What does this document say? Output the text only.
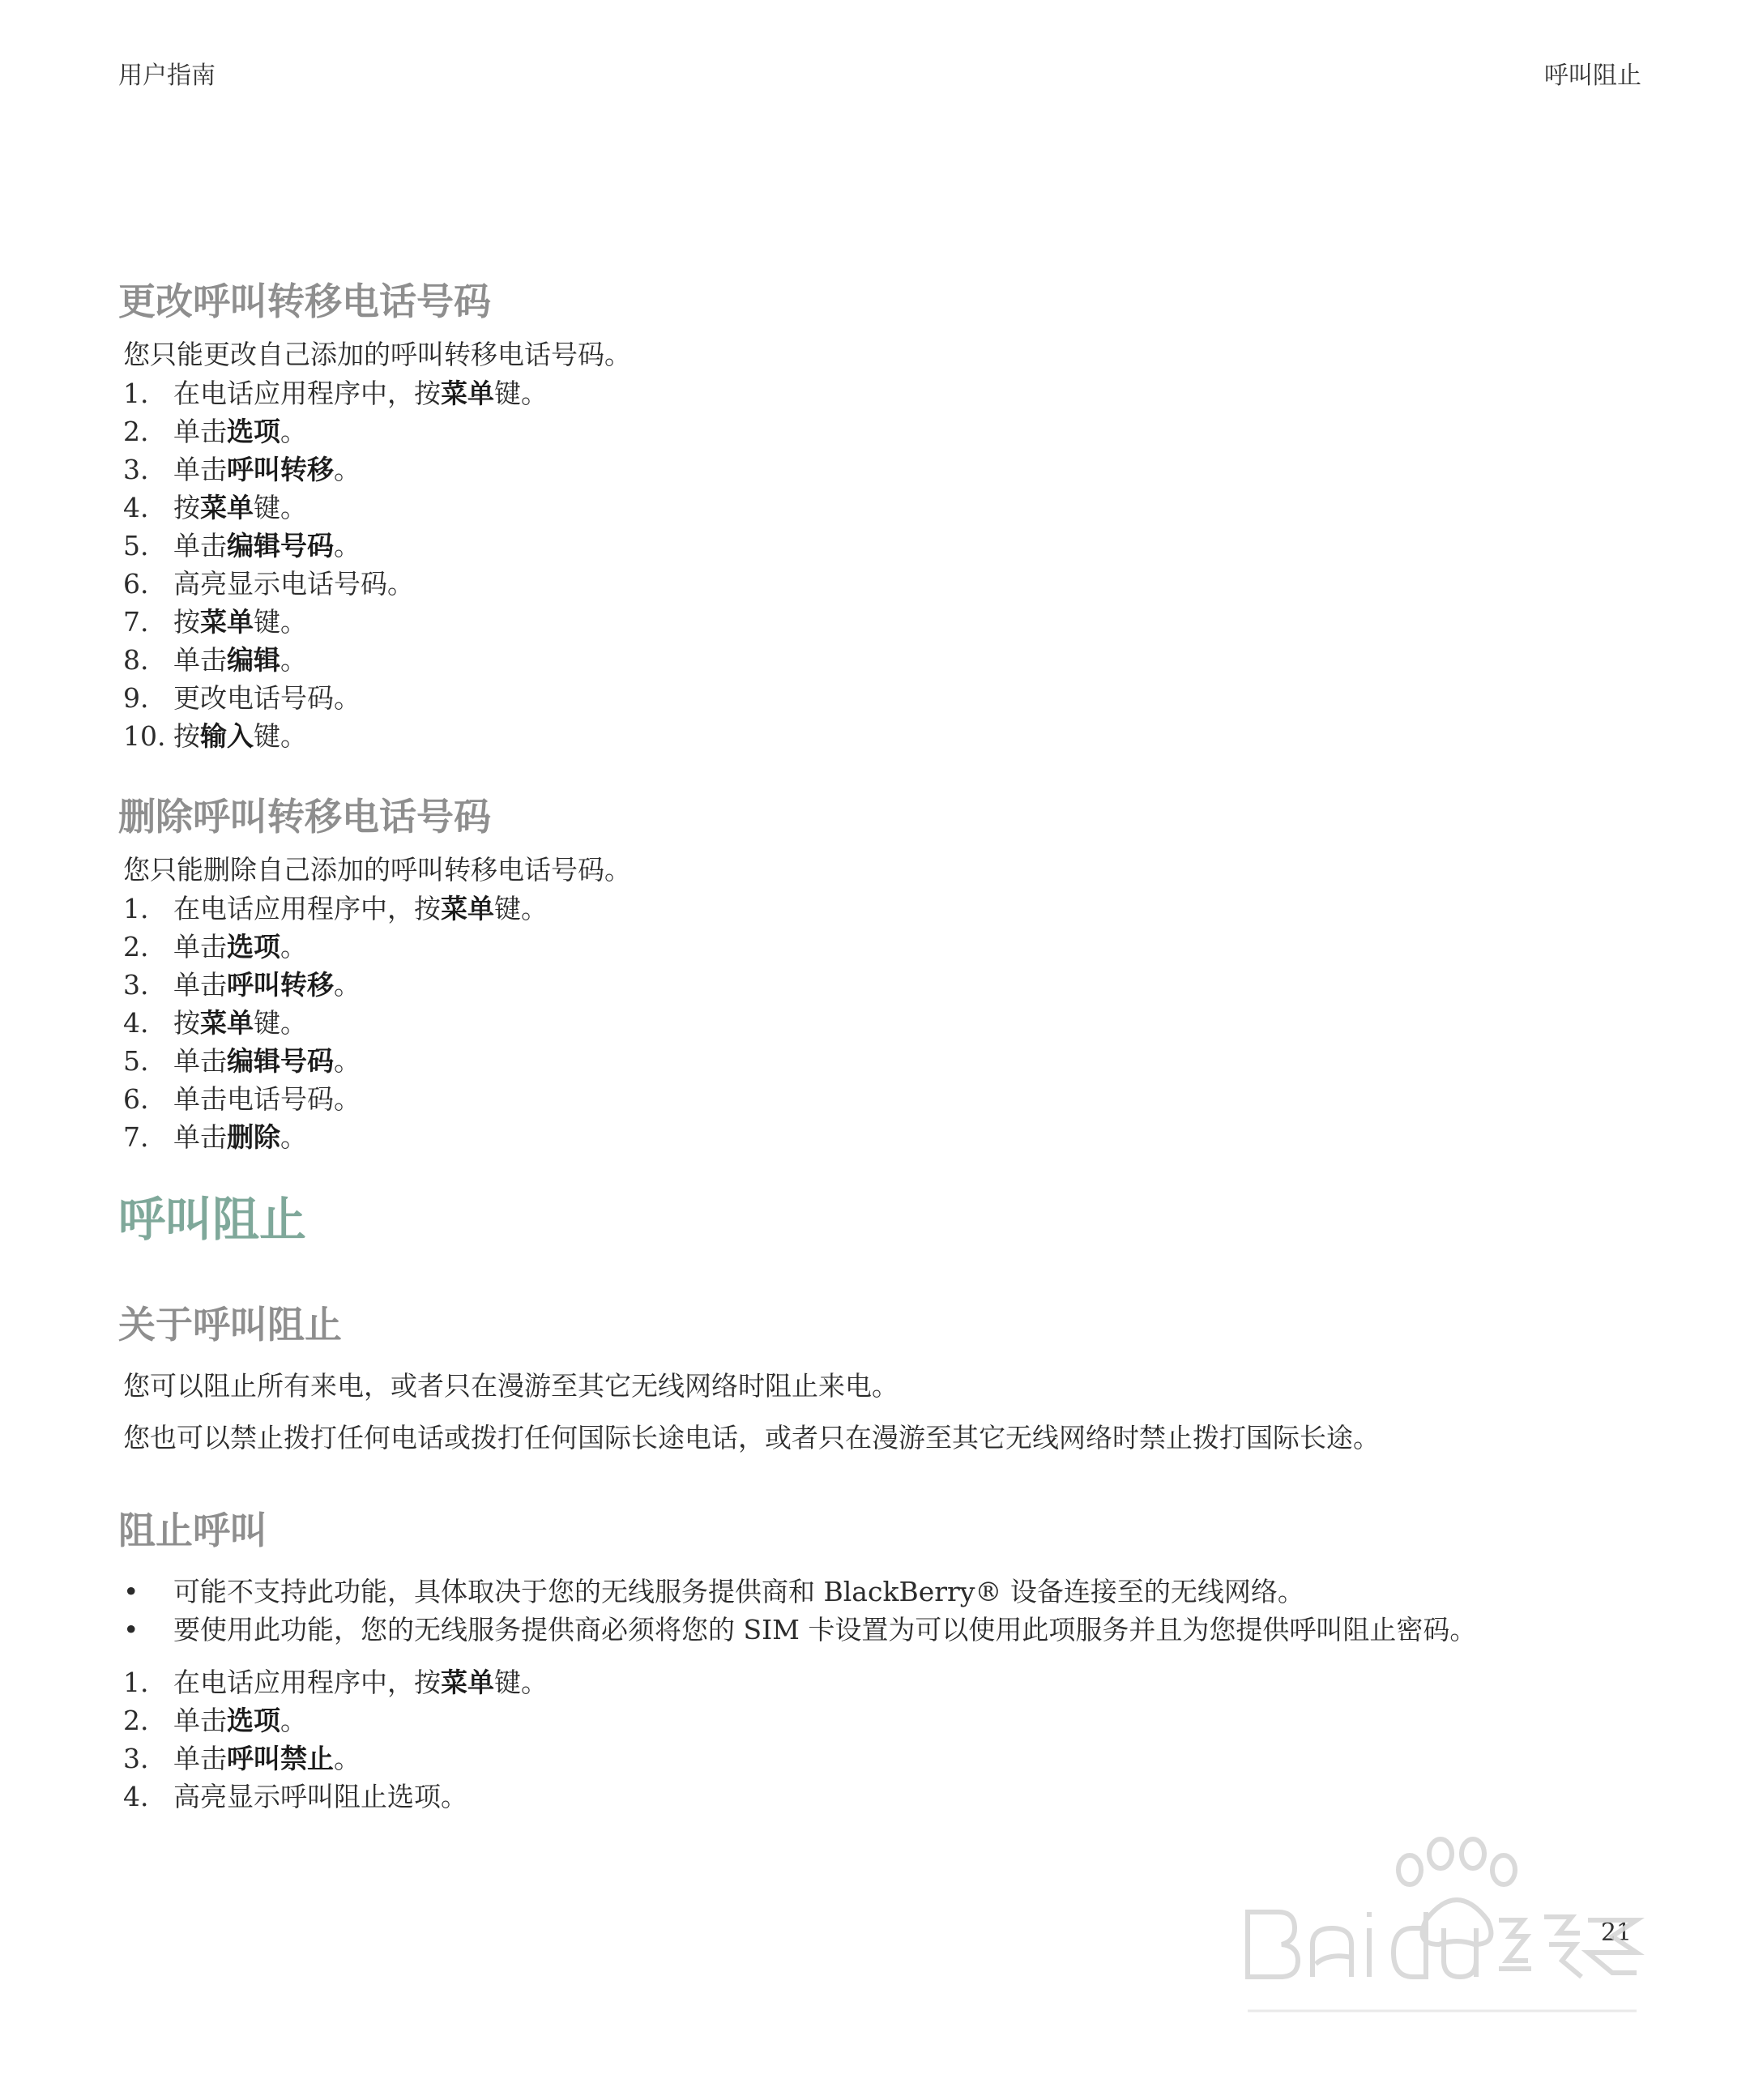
用户指南	呼叫阻止
更改呼叫转移电话号码

您只能更改自己添加的呼叫转移电话号码。

1. 在电话应用程序中，按菜单键。
2. 单击选项。
3. 单击呼叫转移。
4. 按菜单键。
5. 单击编辑号码。
6. 高亮显示电话号码。
7. 按菜单键。
8. 单击编辑。
9. 更改电话号码。
10. 按输入键。
删除呼叫转移电话号码

您只能删除自己添加的呼叫转移电话号码。

1. 在电话应用程序中，按菜单键。
2. 单击选项。
3. 单击呼叫转移。
4. 按菜单键。
5. 单击编辑号码。
6. 单击电话号码。
7. 单击删除。
呼叫阻止
关于呼叫阻止

您可以阻止所有来电，或者只在漫游至其它无线网络时阻止来电。

您也可以禁止拨打任何电话或拨打任何国际长途电话，或者只在漫游至其它无线网络时禁止拨打国际长途。

阻止呼叫
• 可能不支持此功能，具体取决于您的无线服务提供商和 BlackBerry® 设备连接至的无线网络。
• 要使用此功能，您的无线服务提供商必须将您的 SIM 卡设置为可以使用此项服务并且为您提供呼叫阻止密码。
1. 在电话应用程序中，按菜单键。
2. 单击选项。
3. 单击呼叫禁止。
4. 高亮显示呼叫阻止选项。
21
